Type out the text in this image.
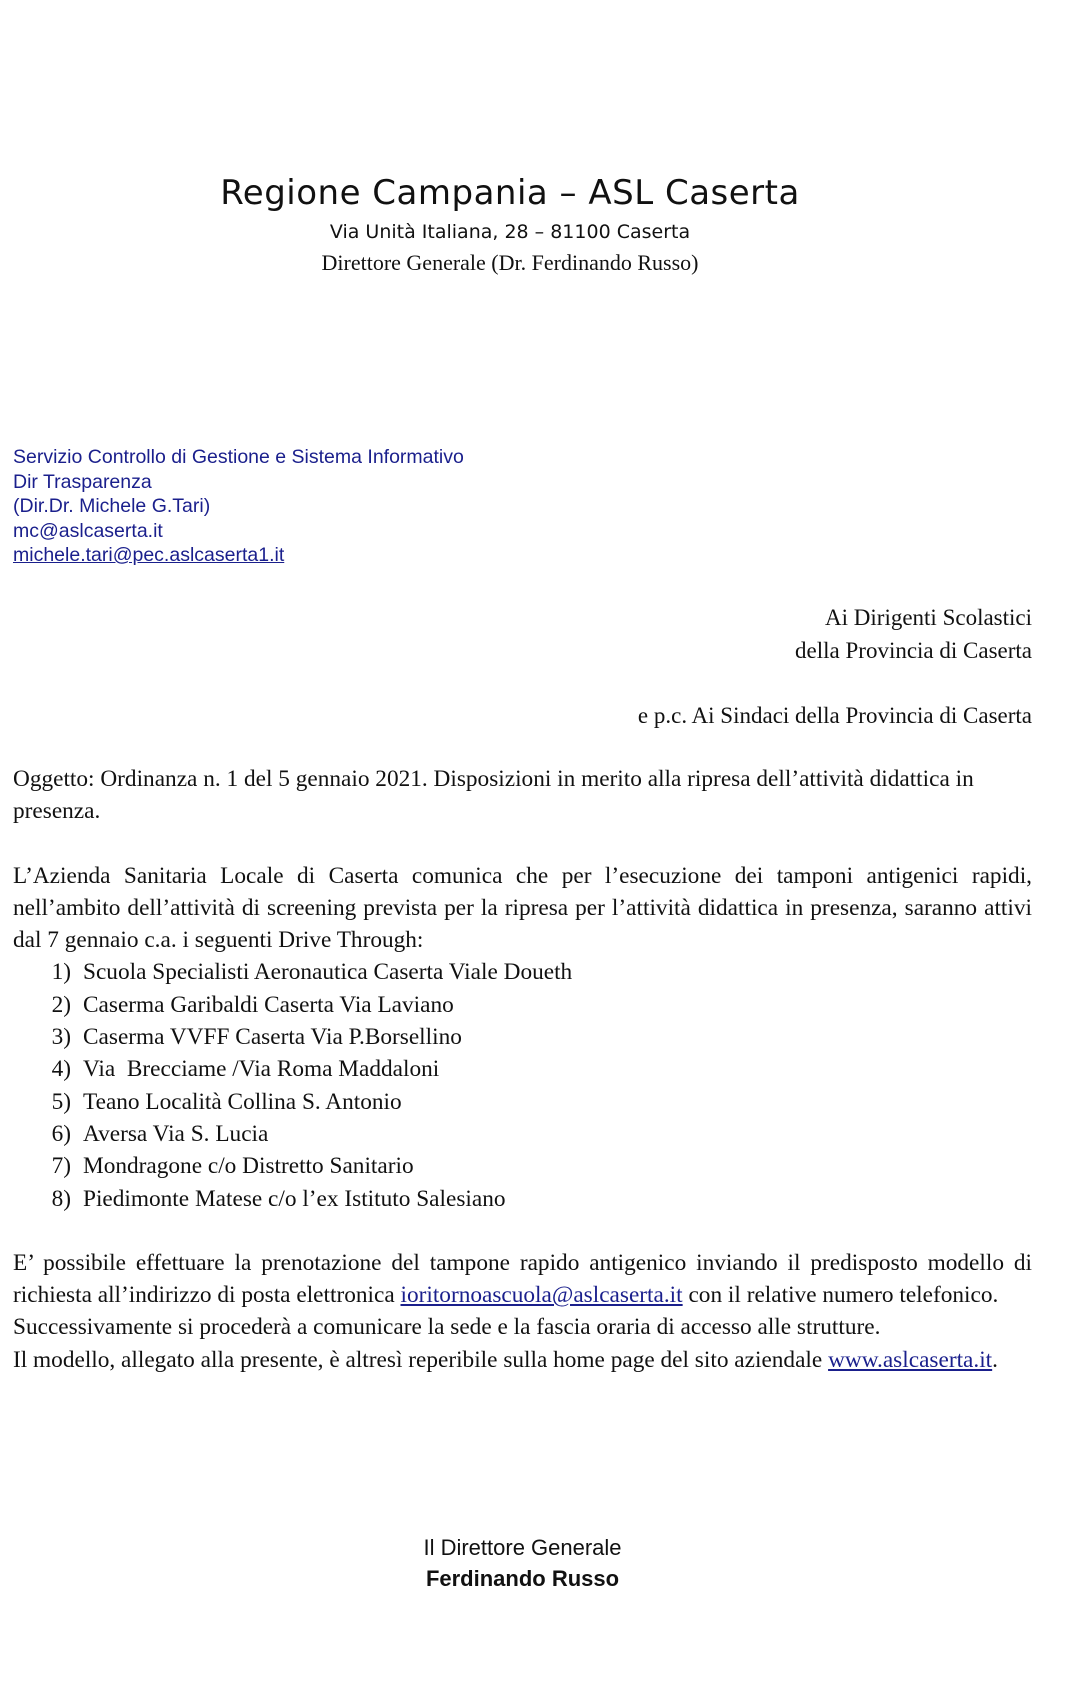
Regione Campania – ASL Caserta
Via Unità Italiana, 28 – 81100 Caserta
Direttore Generale (Dr. Ferdinando Russo)
Servizio Controllo di Gestione e Sistema Informativo
Dir Trasparenza
(Dir.Dr. Michele G.Tari)
mc@aslcaserta.it
michele.tari@pec.aslcaserta1.it
Ai Dirigenti Scolastici
della Provincia di Caserta
e p.c. Ai Sindaci della Provincia di Caserta

Oggetto: Ordinanza n. 1 del 5 gennaio 2021. Disposizioni in merito alla ripresa dell’attività didattica in presenza.

L’Azienda Sanitaria Locale di Caserta comunica che per l’esecuzione dei tamponi antigenici rapidi, nell’ambito dell’attività di screening prevista per la ripresa per l’attività didattica in presenza, saranno attivi dal 7 gennaio c.a. i seguenti Drive Through:

1) Scuola Specialisti Aeronautica Caserta Viale Doueth
2) Caserma Garibaldi Caserta Via Laviano
3) Caserma VVFF Caserta Via P.Borsellino
4) Via  Brecciame /Via Roma Maddaloni
5) Teano Località Collina S. Antonio
6) Aversa Via S. Lucia
7) Mondragone c/o Distretto Sanitario
8) Piedimonte Matese c/o l’ex Istituto Salesiano

E’ possibile effettuare la prenotazione del tampone rapido antigenico inviando il predisposto modello di richiesta all’indirizzo di posta elettronica ioritornoascuola@aslcaserta.it con il relative numero telefonico.

Successivamente si procederà a comunicare la sede e la fascia oraria di accesso alle strutture.

Il modello, allegato alla presente, è altresì reperibile sulla home page del sito aziendale www.aslcaserta.it.

Il Direttore Generale
Ferdinando Russo
